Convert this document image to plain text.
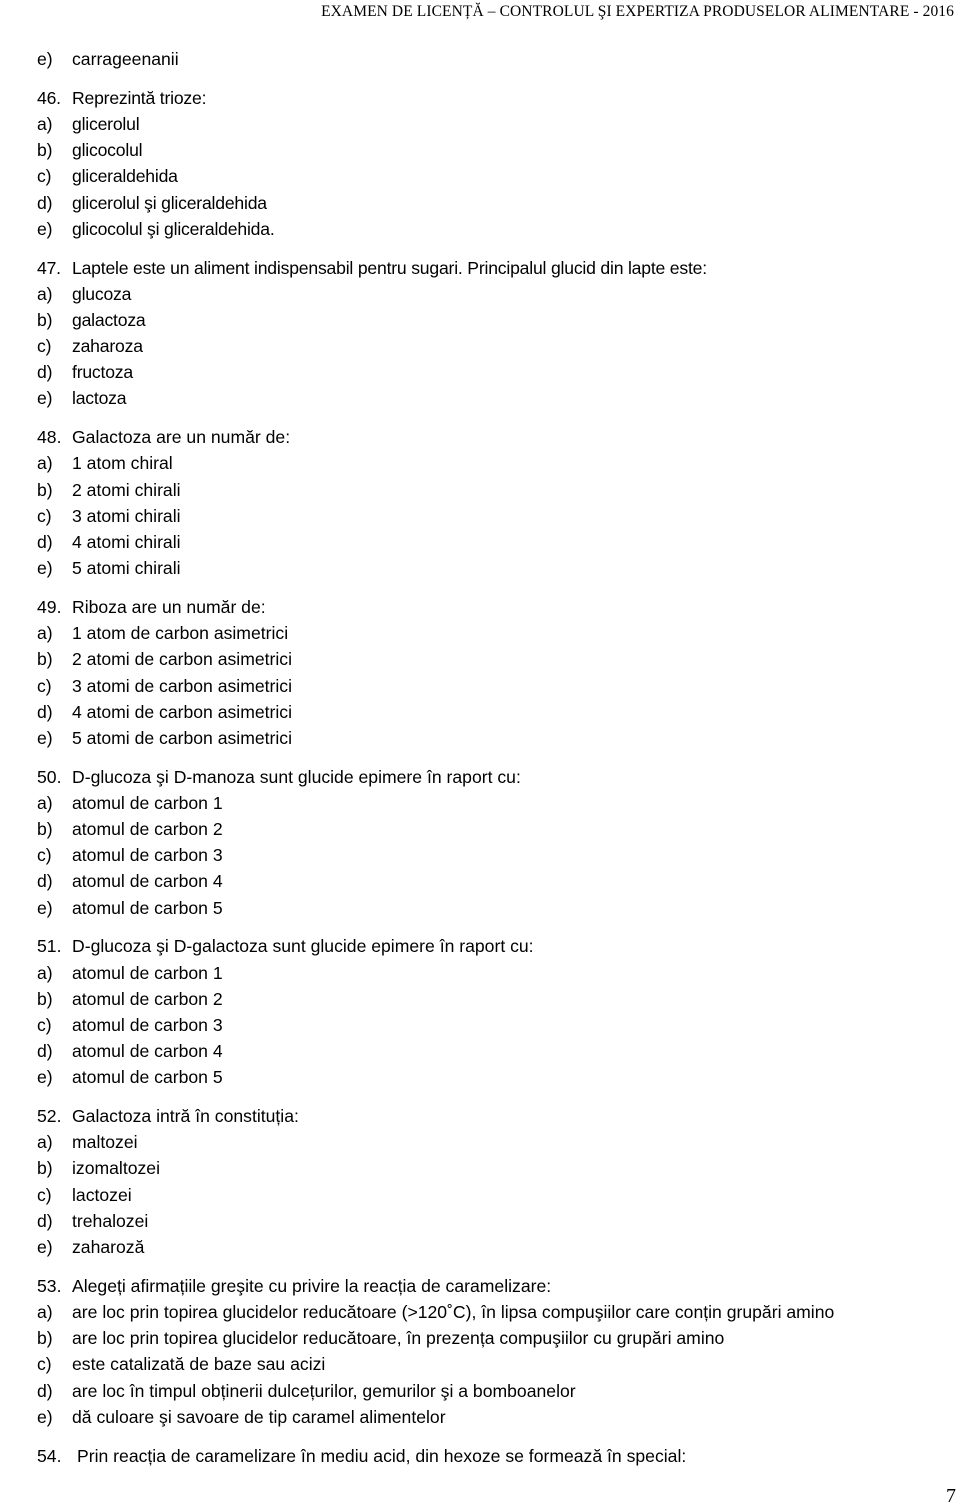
EXAMEN DE LICENȚĂ – CONTROLUL ŞI EXPERTIZA PRODUSELOR ALIMENTARE - 2016
e) carrageenanii
46. Reprezintă trioze:
a) glicerolul
b) glicocolul
c) gliceraldehida
d) glicerolul şi gliceraldehida
e) glicocolul şi gliceraldehida.
47. Laptele este un aliment indispensabil pentru sugari. Principalul glucid din lapte este:
a) glucoza
b) galactoza
c) zaharoza
d) fructoza
e) lactoza
48. Galactoza are un număr de:
a) 1 atom chiral
b) 2 atomi chirali
c) 3 atomi chirali
d) 4 atomi chirali
e) 5 atomi chirali
49. Riboza are un număr de:
a) 1 atom de carbon asimetrici
b) 2 atomi de carbon asimetrici
c) 3 atomi de carbon asimetrici
d) 4 atomi de carbon asimetrici
e) 5 atomi de carbon asimetrici
50. D-glucoza şi D-manoza sunt glucide epimere în raport cu:
a) atomul de carbon 1
b) atomul de carbon 2
c) atomul de carbon 3
d) atomul de carbon 4
e) atomul de carbon 5
51. D-glucoza şi D-galactoza sunt glucide epimere în raport cu:
a) atomul de carbon 1
b) atomul de carbon 2
c) atomul de carbon 3
d) atomul de carbon 4
e) atomul de carbon 5
52. Galactoza intră în constituția:
a) maltozei
b) izomaltozei
c) lactozei
d) trehalozei
e) zaharoză
53. Alegeți afirmațiile greşite cu privire la reacția de caramelizare:
a) are loc prin topirea glucidelor reducătoare (>120˚C), în lipsa compuşiilor care conțin grupări amino
b) are loc prin topirea glucidelor reducătoare, în prezența compuşiilor cu grupări amino
c) este catalizată de baze sau acizi
d) are loc în timpul obținerii dulcețurilor, gemurilor şi a bomboanelor
e) dă culoare şi savoare de tip caramel alimentelor
54. Prin reacția de caramelizare în mediu acid, din hexoze se formează în special:
7
